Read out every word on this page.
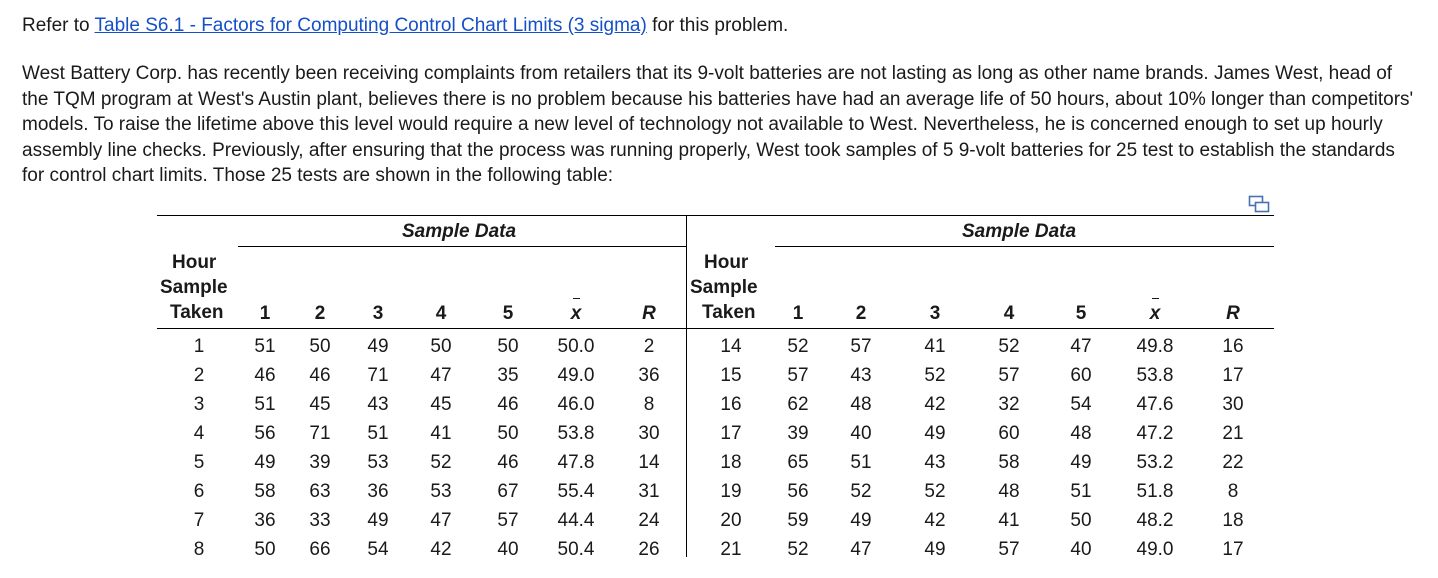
Refer to Table S6.1 - Factors for Computing Control Chart Limits (3 sigma) for this problem.

West Battery Corp. has recently been receiving complaints from retailers that its 9-volt batteries are not lasting as long as other name brands. James West, head of the TQM program at West's Austin plant, believes there is no problem because his batteries have had an average life of 50 hours, about 10% longer than competitors' models. To raise the lifetime above this level would require a new level of technology not available to West. Nevertheless, he is concerned enough to set up hourly assembly line checks. Previously, after ensuring that the process was running properly, West took samples of 5 9-volt batteries for 25 test to establish the standards for control chart limits. Those 25 tests are shown in the following table:

Sample Data	Sample Data
Hour	Hour
Sample	Sample
Taken	Taken
1	2	3	4	5	x	R	1	2	3	4	5	x	R
1	51	50	49	50	50	50.0	2
2	46	46	71	47	35	49.0	36
3	51	45	43	45	46	46.0	8
4	56	71	51	41	50	53.8	30
5	49	39	53	52	46	47.8	14
6	58	63	36	53	67	55.4	31
7	36	33	49	47	57	44.4	24
8	50	66	54	42	40	50.4	26
14	52	57	41	52	47	49.8	16
15	57	43	52	57	60	53.8	17
16	62	48	42	32	54	47.6	30
17	39	40	49	60	48	47.2	21
18	65	51	43	58	49	53.2	22
19	56	52	52	48	51	51.8	8
20	59	49	42	41	50	48.2	18
21	52	47	49	57	40	49.0	17
